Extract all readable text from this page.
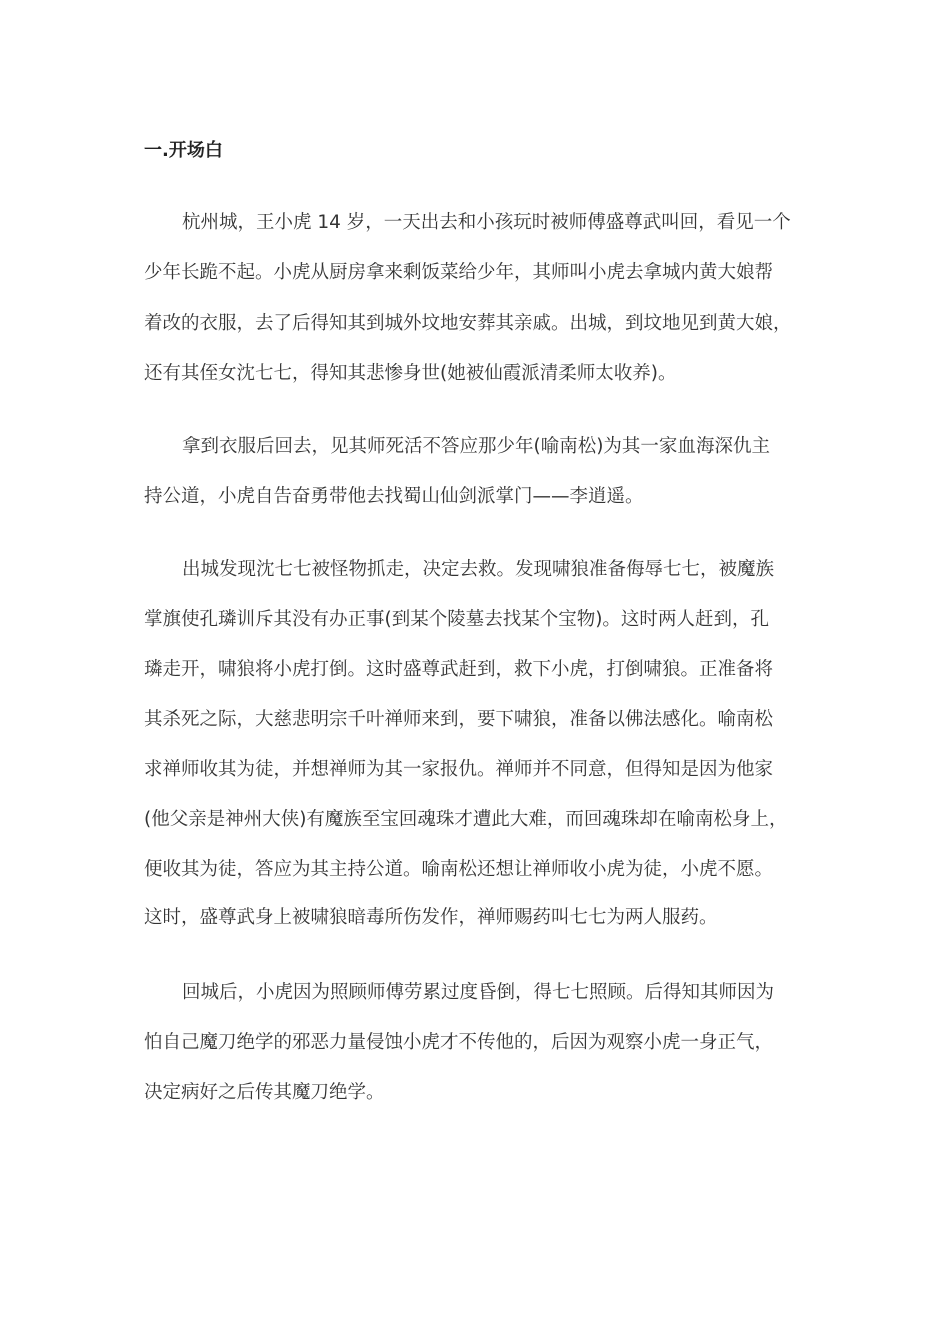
一.开场白
杭州城，王小虎 14 岁，一天出去和小孩玩时被师傅盛尊武叫回，看见一个
少年长跪不起。小虎从厨房拿来剩饭菜给少年，其师叫小虎去拿城内黄大娘帮
着改的衣服，去了后得知其到城外坟地安葬其亲戚。出城，到坟地见到黄大娘，
还有其侄女沈七七，得知其悲惨身世(她被仙霞派清柔师太收养)。
拿到衣服后回去，见其师死活不答应那少年(喻南松)为其一家血海深仇主
持公道，小虎自告奋勇带他去找蜀山仙剑派掌门——李逍遥。
出城发现沈七七被怪物抓走，决定去救。发现啸狼准备侮辱七七，被魔族
掌旗使孔璘训斥其没有办正事(到某个陵墓去找某个宝物)。这时两人赶到，孔
璘走开，啸狼将小虎打倒。这时盛尊武赶到，救下小虎，打倒啸狼。正准备将
其杀死之际，大慈悲明宗千叶禅师来到，要下啸狼，准备以佛法感化。喻南松
求禅师收其为徒，并想禅师为其一家报仇。禅师并不同意，但得知是因为他家
(他父亲是神州大侠)有魔族至宝回魂珠才遭此大难，而回魂珠却在喻南松身上，
便收其为徒，答应为其主持公道。喻南松还想让禅师收小虎为徒，小虎不愿。
这时，盛尊武身上被啸狼暗毒所伤发作，禅师赐药叫七七为两人服药。
回城后，小虎因为照顾师傅劳累过度昏倒，得七七照顾。后得知其师因为
怕自己魔刀绝学的邪恶力量侵蚀小虎才不传他的，后因为观察小虎一身正气，
决定病好之后传其魔刀绝学。
